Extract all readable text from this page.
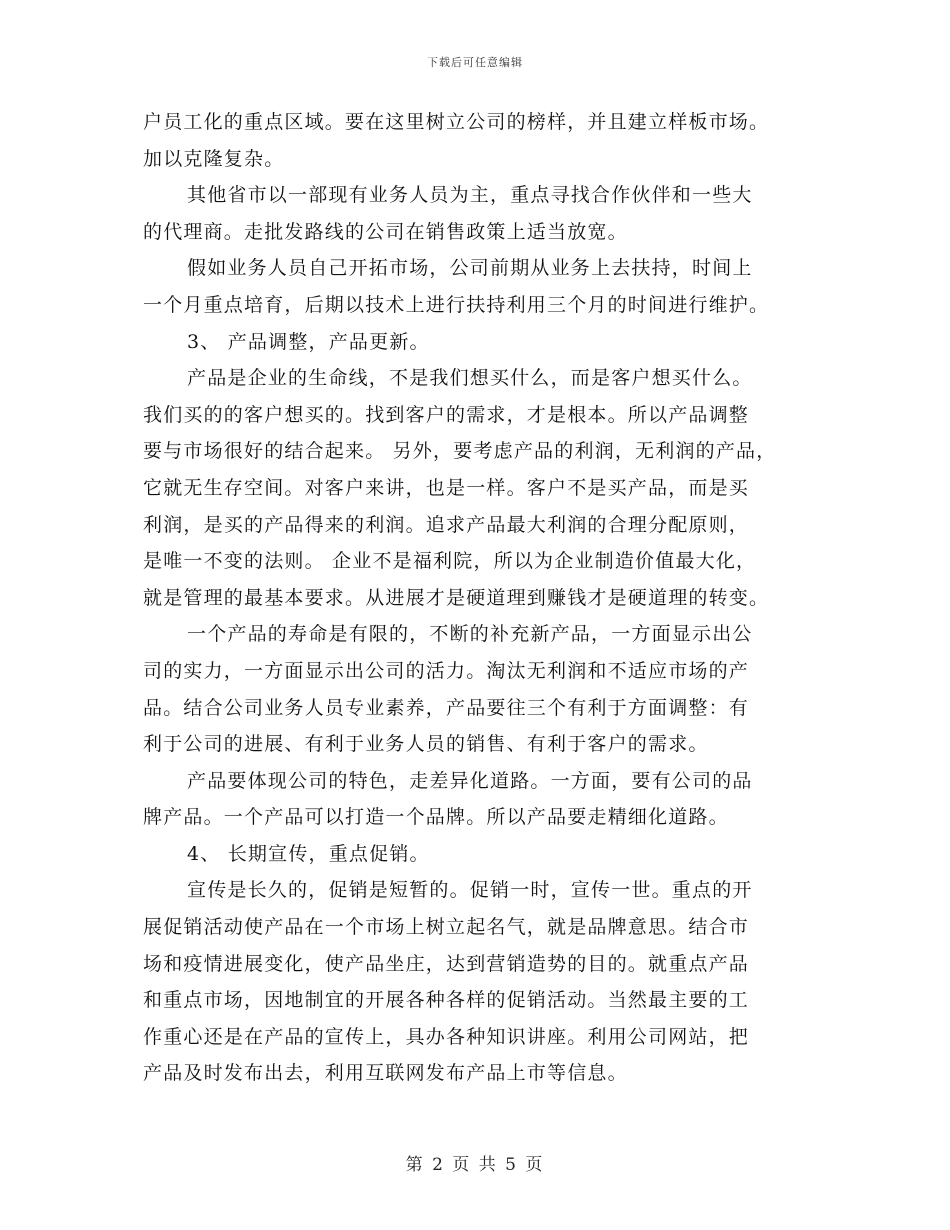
下载后可任意编辑
户员工化的重点区域。要在这里树立公司的榜样，并且建立样板市场。
加以克隆复杂。
其他省市以一部现有业务人员为主，重点寻找合作伙伴和一些大
的代理商。走批发路线的公司在销售政策上适当放宽。
假如业务人员自己开拓市场，公司前期从业务上去扶持，时间上
一个月重点培育，后期以技术上进行扶持利用三个月的时间进行维护。
3、 产品调整，产品更新。
产品是企业的生命线，不是我们想买什么，而是客户想买什么。
我们买的的客户想买的。找到客户的需求，才是根本。所以产品调整
要与市场很好的结合起来。 另外，要考虑产品的利润，无利润的产品，
它就无生存空间。对客户来讲，也是一样。客户不是买产品，而是买
利润，是买的产品得来的利润。追求产品最大利润的合理分配原则，
是唯一不变的法则。 企业不是福利院，所以为企业制造价值最大化，
就是管理的最基本要求。从进展才是硬道理到赚钱才是硬道理的转变。
一个产品的寿命是有限的，不断的补充新产品，一方面显示出公
司的实力，一方面显示出公司的活力。淘汰无利润和不适应市场的产
品。结合公司业务人员专业素养，产品要往三个有利于方面调整：有
利于公司的进展、有利于业务人员的销售、有利于客户的需求。
产品要体现公司的特色，走差异化道路。一方面，要有公司的品
牌产品。一个产品可以打造一个品牌。所以产品要走精细化道路。
4、 长期宣传，重点促销。
宣传是长久的，促销是短暂的。促销一时，宣传一世。重点的开
展促销活动使产品在一个市场上树立起名气，就是品牌意思。结合市
场和疫情进展变化，使产品坐庄，达到营销造势的目的。就重点产品
和重点市场，因地制宜的开展各种各样的促销活动。当然最主要的工
作重心还是在产品的宣传上，具办各种知识讲座。利用公司网站，把
产品及时发布出去，利用互联网发布产品上市等信息。
第 2 页 共 5 页
